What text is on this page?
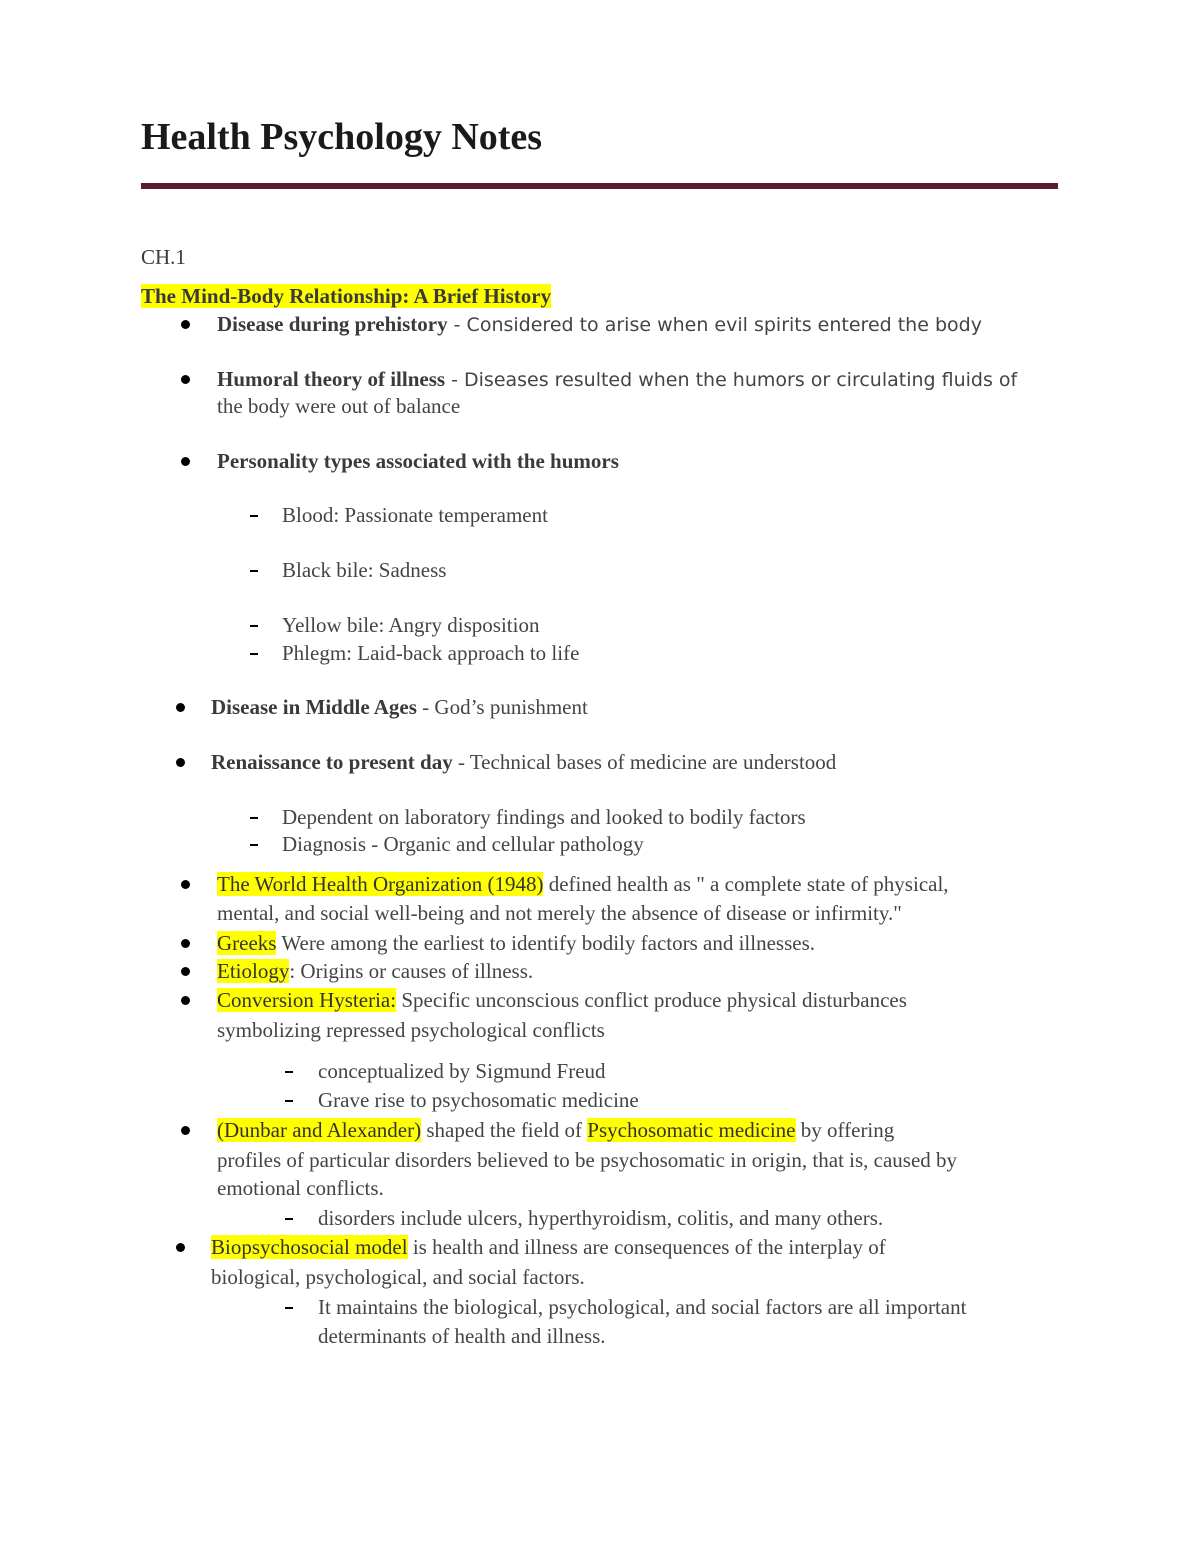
Health Psychology Notes
CH.1
The Mind-Body Relationship: A Brief History
Disease during prehistory - Considered to arise when evil spirits entered the body
Humoral theory of illness - Diseases resulted when the humors or circulating fluids of
the body were out of balance
Personality types associated with the humors
Blood: Passionate temperament
Black bile: Sadness
Yellow bile: Angry disposition
Phlegm: Laid-back approach to life
Disease in Middle Ages - God’s punishment
Renaissance to present day - Technical bases of medicine are understood
Dependent on laboratory findings and looked to bodily factors
Diagnosis - Organic and cellular pathology
The World Health Organization (1948) defined health as " a complete state of physical,
mental, and social well-being and not merely the absence of disease or infirmity."
Greeks Were among the earliest to identify bodily factors and illnesses.
Etiology: Origins or causes of illness.
Conversion Hysteria: Specific unconscious conflict produce physical disturbances
symbolizing repressed psychological conflicts
conceptualized by Sigmund Freud
Grave rise to psychosomatic medicine
(Dunbar and Alexander) shaped the field of Psychosomatic medicine by offering
profiles of particular disorders believed to be psychosomatic in origin, that is, caused by
emotional conflicts.
disorders include ulcers, hyperthyroidism, colitis, and many others.
Biopsychosocial model is health and illness are consequences of the interplay of
biological, psychological, and social factors.
It maintains the biological, psychological, and social factors are all important
determinants of health and illness.
